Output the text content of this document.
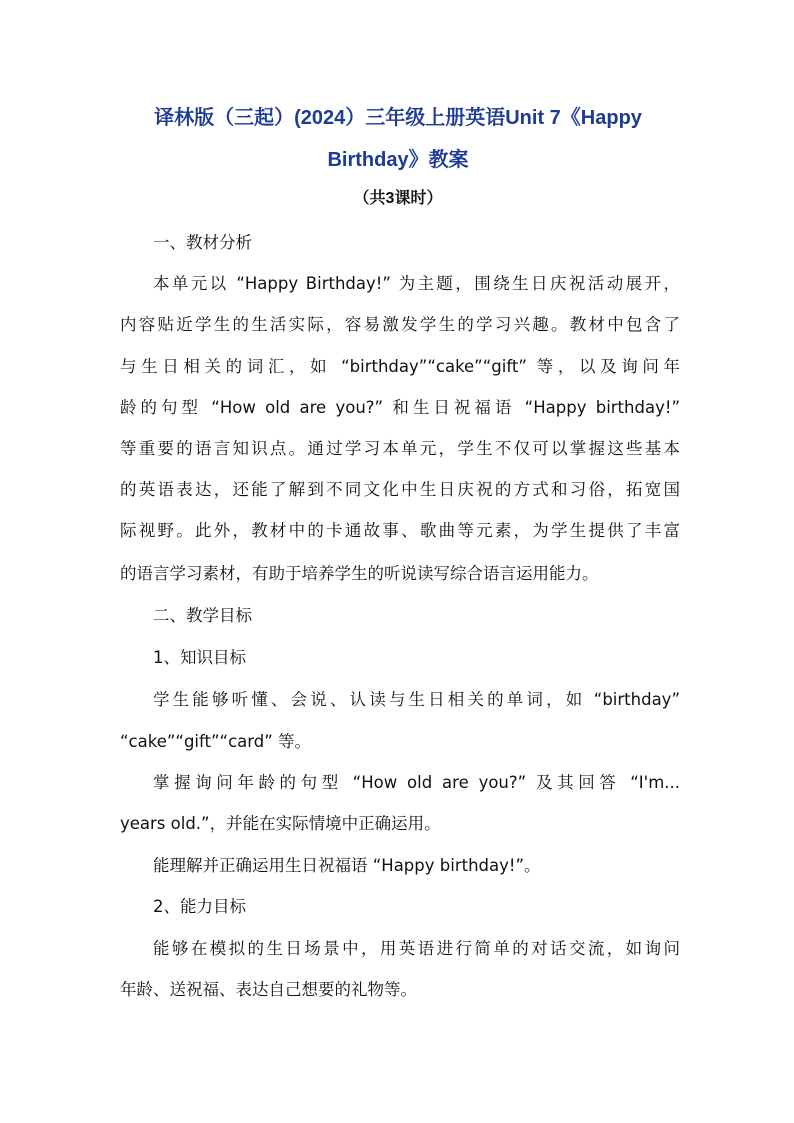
译林版（三起）(2024）三年级上册英语Unit 7《Happy
Birthday》教案
（共3课时）
一、教材分析
本单元以 “Happy Birthday!” 为主题，围绕生日庆祝活动展开，
内容贴近学生的生活实际，容易激发学生的学习兴趣。教材中包含了
与生日相关的词汇，如 “birthday”“cake”“gift” 等，以及询问年
龄的句型 “How old are you?” 和生日祝福语 “Happy birthday!”
等重要的语言知识点。通过学习本单元，学生不仅可以掌握这些基本
的英语表达，还能了解到不同文化中生日庆祝的方式和习俗，拓宽国
际视野。此外，教材中的卡通故事、歌曲等元素，为学生提供了丰富
的语言学习素材，有助于培养学生的听说读写综合语言运用能力。
二、教学目标
1、知识目标
学生能够听懂、会说、认读与生日相关的单词，如 “birthday”
“cake”“gift”“card” 等。
掌握询问年龄的句型 “How old are you?” 及其回答 “I'm...
years old.”，并能在实际情境中正确运用。
能理解并正确运用生日祝福语 “Happy birthday!”。
2、能力目标
能够在模拟的生日场景中，用英语进行简单的对话交流，如询问
年龄、送祝福、表达自己想要的礼物等。
